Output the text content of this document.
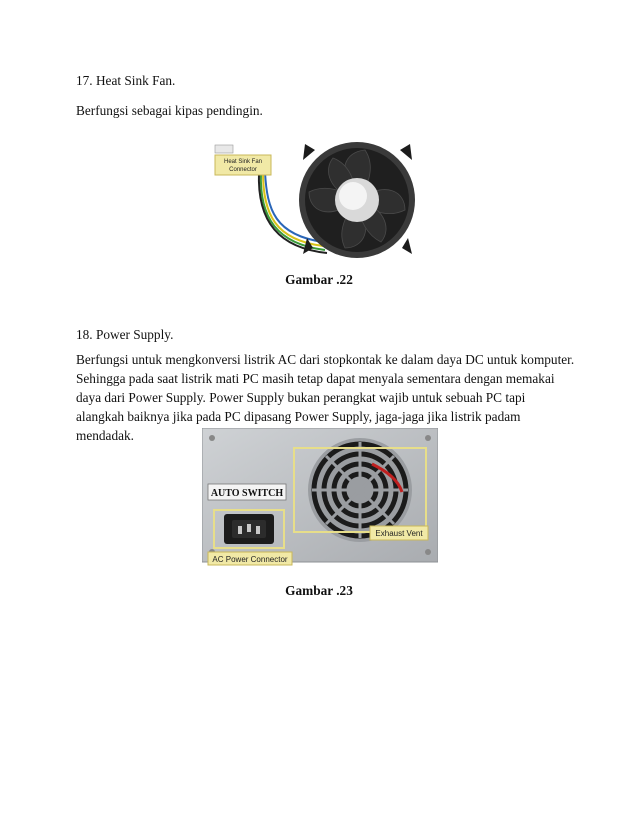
17. Heat Sink Fan.

Berfungsi sebagai kipas pendingin.

Heat Sink Fan
Connector

Gambar .22

18. Power Supply.

Berfungsi untuk mengkonversi listrik AC dari stopkontak ke dalam daya DC untuk komputer. Sehingga pada saat listrik mati PC masih tetap dapat menyala sementara dengan memakai daya dari Power Supply. Power Supply bukan perangkat wajib untuk sebuah PC tapi alangkah baiknya jika pada PC dipasang Power Supply, jaga-jaga jika listrik padam mendadak.

Exhaust Vent
AUTO SWITCH
AC Power Connector

Gambar .23
